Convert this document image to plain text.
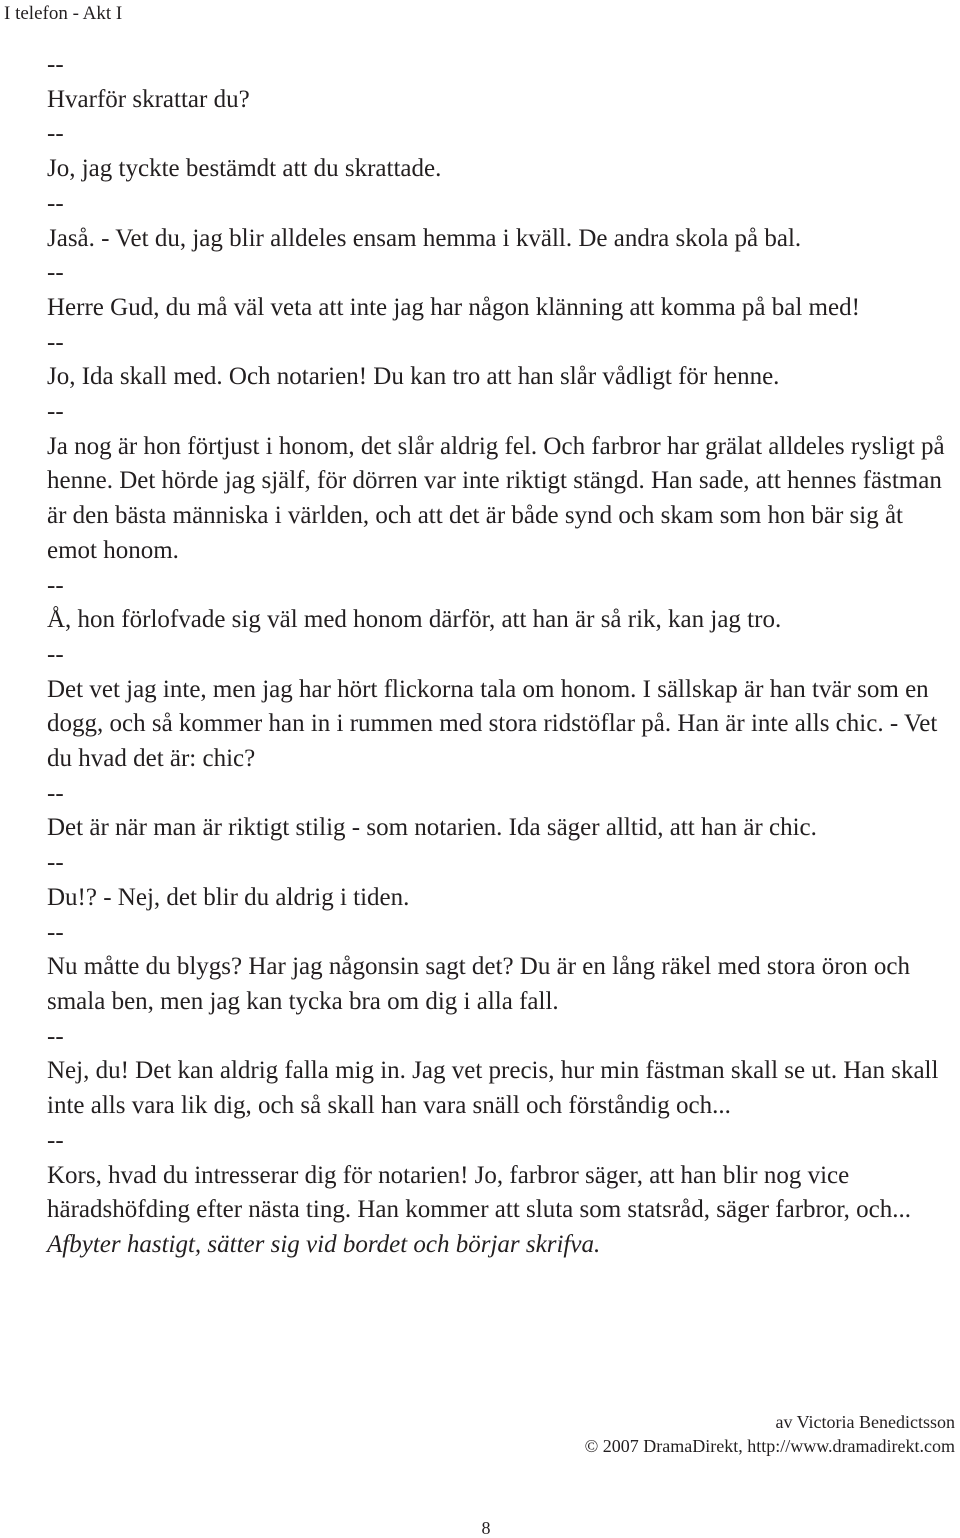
I telefon - Akt I
--
Hvarför skrattar du?
--
Jo, jag tyckte bestämdt att du skrattade.
--
Jaså. - Vet du, jag blir alldeles ensam hemma i kväll. De andra skola på bal.
--
Herre Gud, du må väl veta att inte jag har någon klänning att komma på bal med!
--
Jo, Ida skall med. Och notarien! Du kan tro att han slår vådligt för henne.
--
Ja nog är hon förtjust i honom, det slår aldrig fel. Och farbror har grälat alldeles rysligt på henne. Det hörde jag själf, för dörren var inte riktigt stängd. Han sade, att hennes fästman är den bästa människa i världen, och att det är både synd och skam som hon bär sig åt emot honom.
--
Å, hon förlofvade sig väl med honom därför, att han är så rik, kan jag tro.
--
Det vet jag inte, men jag har hört flickorna tala om honom. I sällskap är han tvär som en dogg, och så kommer han in i rummen med stora ridstöflar på. Han är inte alls chic. - Vet du hvad det är: chic?
--
Det är när man är riktigt stilig - som notarien. Ida säger alltid, att han är chic.
--
Du!? - Nej, det blir du aldrig i tiden.
--
Nu måtte du blygs? Har jag någonsin sagt det? Du är en lång räkel med stora öron och smala ben, men jag kan tycka bra om dig i alla fall.
--
Nej, du! Det kan aldrig falla mig in. Jag vet precis, hur min fästman skall se ut. Han skall inte alls vara lik dig, och så skall han vara snäll och förståndig och...
--
Kors, hvad du intresserar dig för notarien! Jo, farbror säger, att han blir nog vice häradshöfding efter nästa ting. Han kommer att sluta som statsråd, säger farbror, och... Afbyter hastigt, sätter sig vid bordet och börjar skrifva.
av Victoria Benedictsson
© 2007 DramaDirekt, http://www.dramadirekt.com
8
